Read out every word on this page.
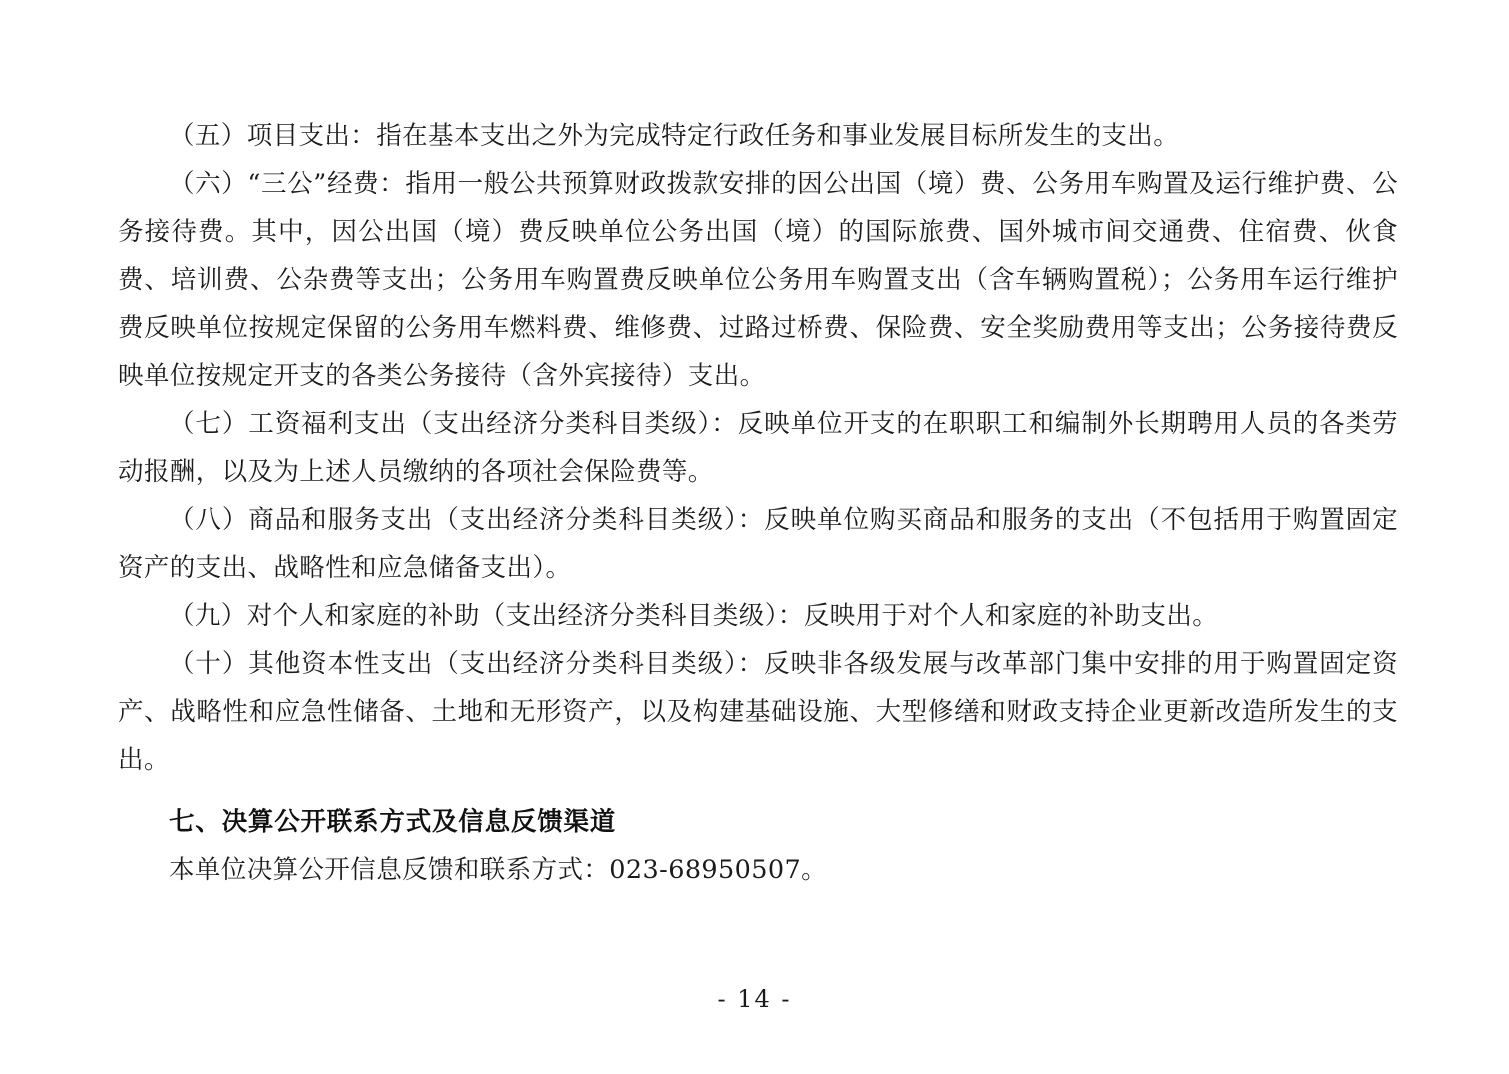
（五）项目支出：指在基本支出之外为完成特定行政任务和事业发展目标所发生的支出。

（六）“三公”经费：指用一般公共预算财政拨款安排的因公出国（境）费、公务用车购置及运行维护费、公务接待费。其中，因公出国（境）费反映单位公务出国（境）的国际旅费、国外城市间交通费、住宿费、伙食费、培训费、公杂费等支出；公务用车购置费反映单位公务用车购置支出（含车辆购置税）；公务用车运行维护费反映单位按规定保留的公务用车燃料费、维修费、过路过桥费、保险费、安全奖励费用等支出；公务接待费反映单位按规定开支的各类公务接待（含外宾接待）支出。

（七）工资福利支出（支出经济分类科目类级）：反映单位开支的在职职工和编制外长期聘用人员的各类劳动报酬，以及为上述人员缴纳的各项社会保险费等。

（八）商品和服务支出（支出经济分类科目类级）：反映单位购买商品和服务的支出（不包括用于购置固定资产的支出、战略性和应急储备支出）。

（九）对个人和家庭的补助（支出经济分类科目类级）：反映用于对个人和家庭的补助支出。

（十）其他资本性支出（支出经济分类科目类级）：反映非各级发展与改革部门集中安排的用于购置固定资产、战略性和应急性储备、土地和无形资产，以及构建基础设施、大型修缮和财政支持企业更新改造所发生的支出。

七、决算公开联系方式及信息反馈渠道

本单位决算公开信息反馈和联系方式：023-68950507。

- 14 -
